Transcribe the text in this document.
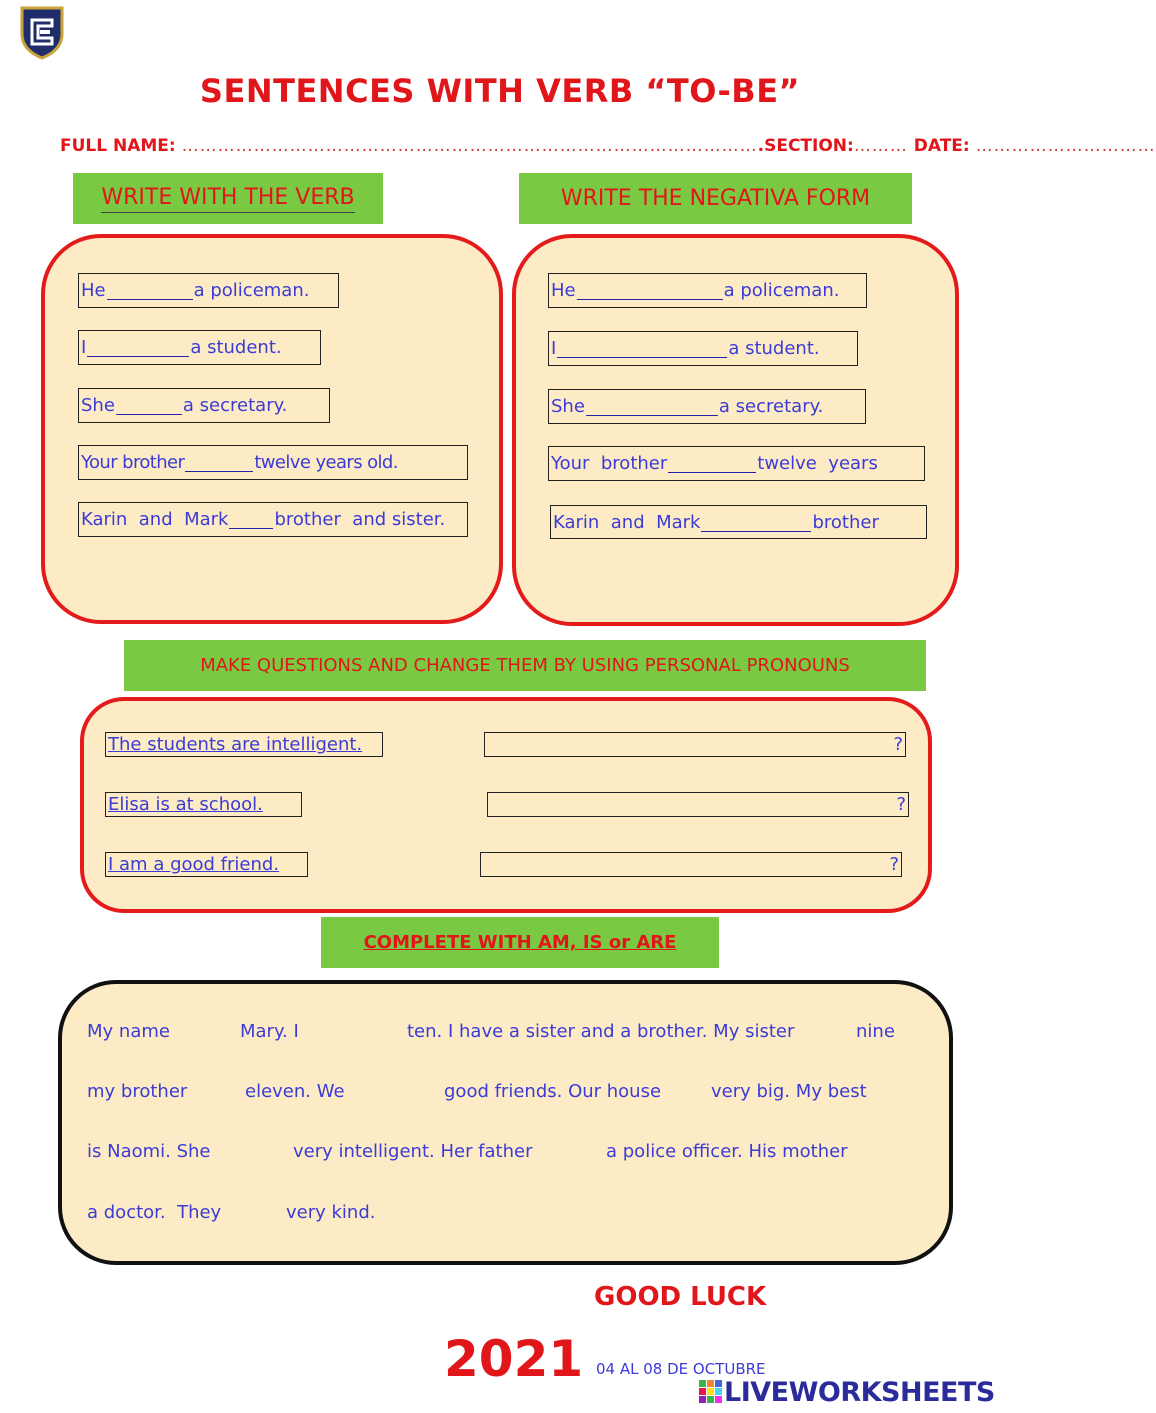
SENTENCES WITH VERB “TO-BE”
FULL NAME: …………………………………………………………………………………….SECTION:……… DATE: …………………………
WRITE WITH THE VERB	WRITE THE NEGATIVA FORM
He	a policeman.
I	a student.
She	a secretary.
Your brother	twelve years old.
Karin  and  Mark	brother  and sister.
He	a policeman.
I	a student.
She	a secretary.
Your  brother	twelve  years
Karin  and  Mark	brother
MAKE QUESTIONS AND CHANGE THEM BY USING PERSONAL PRONOUNS
The students are intelligent.	?
Elisa is at school.	?
I am a good friend.	?
COMPLETE WITH AM, IS or ARE
My name	Mary. I	ten. I have a sister and a brother. My sister	nine
my brother	eleven. We	good friends. Our house	very big. My best
is Naomi. She	very intelligent. Her father	a police officer. His mother
a doctor.  They	very kind.
GOOD LUCK
2021 04 AL 08 DE OCTUBRE
LIVEWORKSHEETS
